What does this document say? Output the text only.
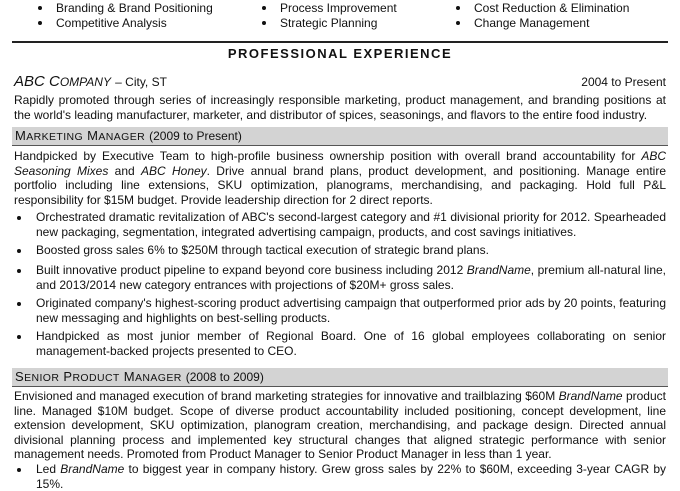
Branding & Brand Positioning
Competitive Analysis
Process Improvement
Strategic Planning
Cost Reduction & Elimination
Change Management
PROFESSIONAL EXPERIENCE
ABC COMPANY – City, ST	2004 to Present
Rapidly promoted through series of increasingly responsible marketing, product management, and branding positions at the world's leading manufacturer, marketer, and distributor of spices, seasonings, and flavors to the entire food industry.
MARKETING MANAGER (2009 to Present)
Handpicked by Executive Team to high-profile business ownership position with overall brand accountability for ABC Seasoning Mixes and ABC Honey. Drive annual brand plans, product development, and positioning. Manage entire portfolio including line extensions, SKU optimization, planograms, merchandising, and packaging. Hold full P&L responsibility for $15M budget. Provide leadership direction for 2 direct reports.
Orchestrated dramatic revitalization of ABC's second-largest category and #1 divisional priority for 2012. Spearheaded new packaging, segmentation, integrated advertising campaign, products, and cost savings initiatives.
Boosted gross sales 6% to $250M through tactical execution of strategic brand plans.
Built innovative product pipeline to expand beyond core business including 2012 BrandName, premium all-natural line, and 2013/2014 new category entrances with projections of $20M+ gross sales.
Originated company's highest-scoring product advertising campaign that outperformed prior ads by 20 points, featuring new messaging and highlights on best-selling products.
Handpicked as most junior member of Regional Board. One of 16 global employees collaborating on senior management-backed projects presented to CEO.
SENIOR PRODUCT MANAGER (2008 to 2009)
Envisioned and managed execution of brand marketing strategies for innovative and trailblazing $60M BrandName product line. Managed $10M budget. Scope of diverse product accountability included positioning, concept development, line extension development, SKU optimization, planogram creation, merchandising, and package design. Directed annual divisional planning process and implemented key structural changes that aligned strategic performance with senior management needs. Promoted from Product Manager to Senior Product Manager in less than 1 year.
Led BrandName to biggest year in company history. Grew gross sales by 22% to $60M, exceeding 3-year CAGR by 15%.
